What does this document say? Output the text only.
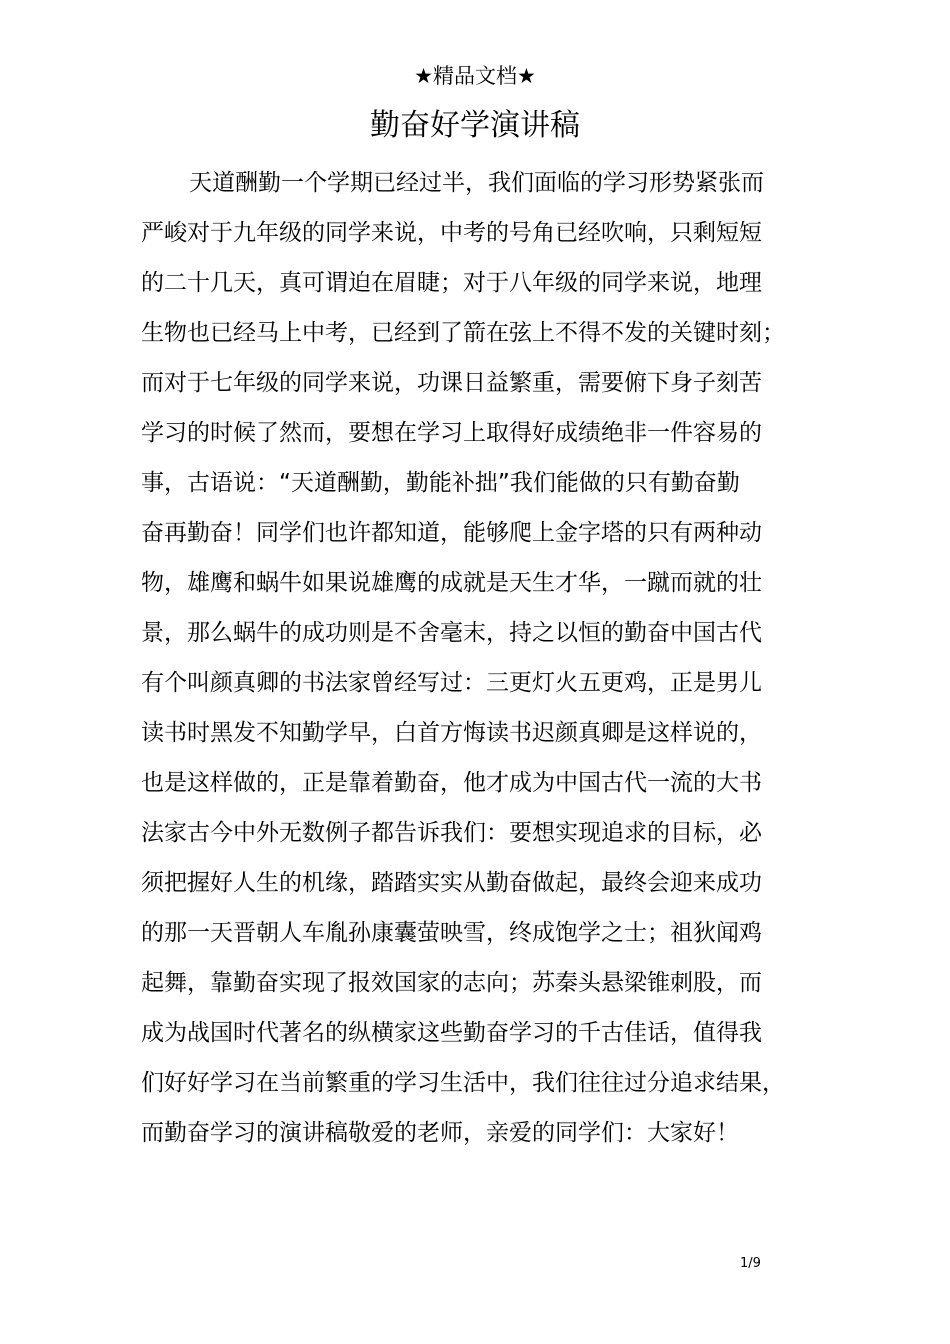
★精品文档★
勤奋好学演讲稿
天道酬勤一个学期已经过半，我们面临的学习形势紧张而
严峻对于九年级的同学来说，中考的号角已经吹响，只剩短短
的二十几天，真可谓迫在眉睫；对于八年级的同学来说，地理
生物也已经马上中考，已经到了箭在弦上不得不发的关键时刻；
而对于七年级的同学来说，功课日益繁重，需要俯下身子刻苦
学习的时候了然而，要想在学习上取得好成绩绝非一件容易的
事，古语说：“天道酬勤，勤能补拙”我们能做的只有勤奋勤
奋再勤奋！同学们也许都知道，能够爬上金字塔的只有两种动
物，雄鹰和蜗牛如果说雄鹰的成就是天生才华，一蹴而就的壮
景，那么蜗牛的成功则是不舍毫末，持之以恒的勤奋中国古代
有个叫颜真卿的书法家曾经写过：三更灯火五更鸡，正是男儿
读书时黑发不知勤学早，白首方悔读书迟颜真卿是这样说的，
也是这样做的，正是靠着勤奋，他才成为中国古代一流的大书
法家古今中外无数例子都告诉我们：要想实现追求的目标，必
须把握好人生的机缘，踏踏实实从勤奋做起，最终会迎来成功
的那一天晋朝人车胤孙康囊萤映雪，终成饱学之士；祖狄闻鸡
起舞，靠勤奋实现了报效国家的志向；苏秦头悬梁锥刺股，而
成为战国时代著名的纵横家这些勤奋学习的千古佳话，值得我
们好好学习在当前繁重的学习生活中，我们往往过分追求结果，
而勤奋学习的演讲稿敬爱的老师，亲爱的同学们：大家好！
1/9
